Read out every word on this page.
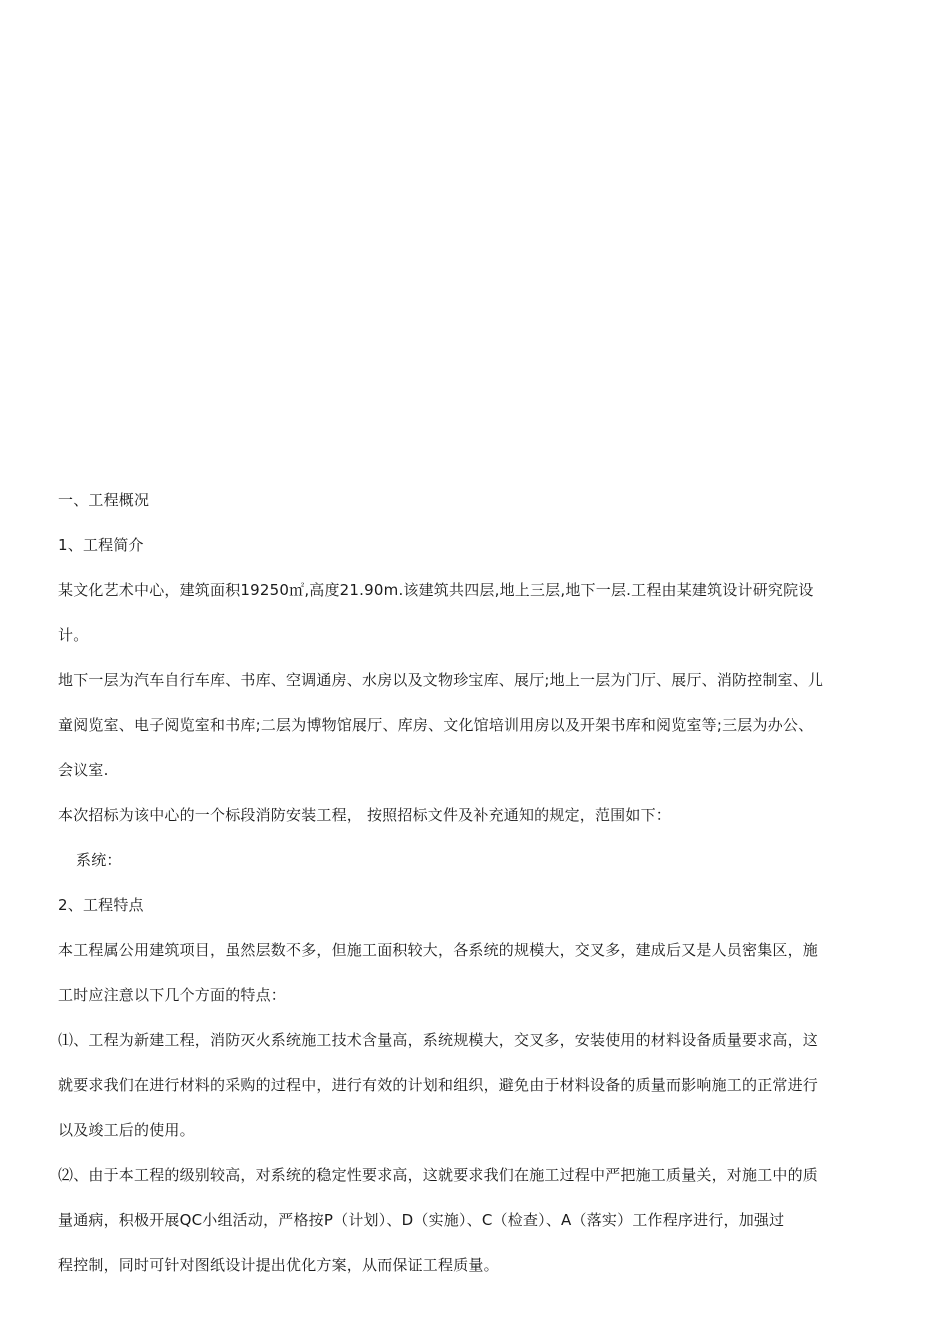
一、工程概况
1、工程简介
某文化艺术中心，建筑面积19250㎡,高度21.90m.该建筑共四层,地上三层,地下一层.工程由某建筑设计研究院设
计。
地下一层为汽车自行车库、书库、空调通房、水房以及文物珍宝库、展厅;地上一层为门厅、展厅、消防控制室、儿
童阅览室、电子阅览室和书库;二层为博物馆展厅、库房、文化馆培训用房以及开架书库和阅览室等;三层为办公、
会议室.
本次招标为该中心的一个标段消防安装工程， 按照招标文件及补充通知的规定，范围如下：
系统：
2、工程特点
本工程属公用建筑项目，虽然层数不多，但施工面积较大，各系统的规模大，交叉多，建成后又是人员密集区，施
工时应注意以下几个方面的特点：
⑴、工程为新建工程，消防灭火系统施工技术含量高，系统规模大，交叉多，安装使用的材料设备质量要求高，这
就要求我们在进行材料的采购的过程中，进行有效的计划和组织，避免由于材料设备的质量而影响施工的正常进行
以及竣工后的使用。
⑵、由于本工程的级别较高，对系统的稳定性要求高，这就要求我们在施工过程中严把施工质量关，对施工中的质
量通病，积极开展QC小组活动，严格按P（计划）、D（实施）、C（检查）、A（落实）工作程序进行，加强过
程控制，同时可针对图纸设计提出优化方案，从而保证工程质量。
